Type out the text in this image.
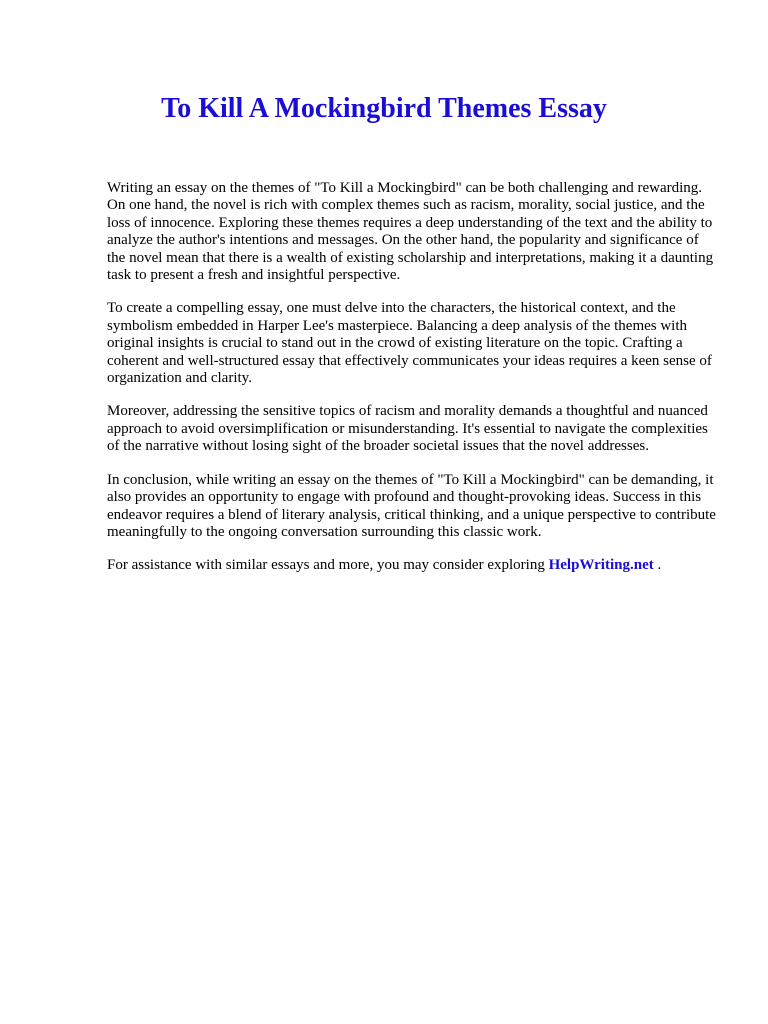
To Kill A Mockingbird Themes Essay

Writing an essay on the themes of "To Kill a Mockingbird" can be both challenging and rewarding. On one hand, the novel is rich with complex themes such as racism, morality, social justice, and the loss of innocence. Exploring these themes requires a deep understanding of the text and the ability to analyze the author's intentions and messages. On the other hand, the popularity and significance of the novel mean that there is a wealth of existing scholarship and interpretations, making it a daunting task to present a fresh and insightful perspective.

To create a compelling essay, one must delve into the characters, the historical context, and the symbolism embedded in Harper Lee's masterpiece. Balancing a deep analysis of the themes with original insights is crucial to stand out in the crowd of existing literature on the topic. Crafting a coherent and well-structured essay that effectively communicates your ideas requires a keen sense of organization and clarity.

Moreover, addressing the sensitive topics of racism and morality demands a thoughtful and nuanced approach to avoid oversimplification or misunderstanding. It's essential to navigate the complexities of the narrative without losing sight of the broader societal issues that the novel addresses.

In conclusion, while writing an essay on the themes of "To Kill a Mockingbird" can be demanding, it also provides an opportunity to engage with profound and thought-provoking ideas. Success in this endeavor requires a blend of literary analysis, critical thinking, and a unique perspective to contribute meaningfully to the ongoing conversation surrounding this classic work.

For assistance with similar essays and more, you may consider exploring HelpWriting.net .
